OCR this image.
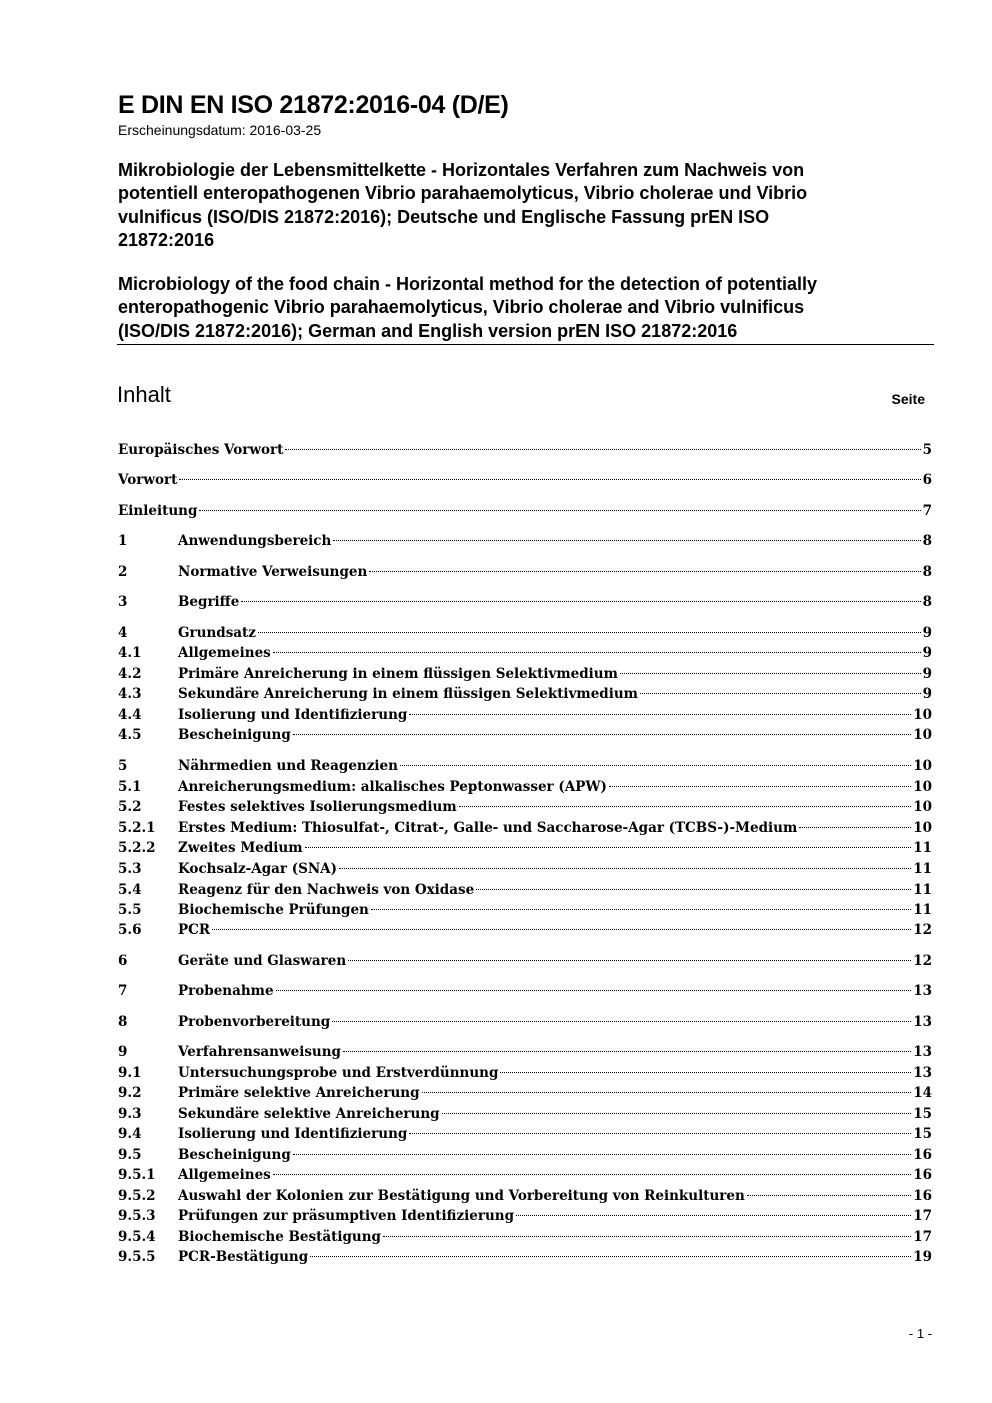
E DIN EN ISO 21872:2016-04 (D/E)
Erscheinungsdatum: 2016-03-25
Mikrobiologie der Lebensmittelkette - Horizontales Verfahren zum Nachweis von
potentiell enteropathogenen Vibrio parahaemolyticus, Vibrio cholerae und Vibrio
vulnificus (ISO/DIS 21872:2016); Deutsche und Englische Fassung prEN ISO
21872:2016
Microbiology of the food chain - Horizontal method for the detection of potentially
enteropathogenic Vibrio parahaemolyticus, Vibrio cholerae and Vibrio vulnificus
(ISO/DIS 21872:2016); German and English version prEN ISO 21872:2016
Inhalt	Seite
Europäisches Vorwort	5
Vorwort	6
Einleitung	7
1	Anwendungsbereich	8
2	Normative Verweisungen	8
3	Begriffe	8
4	Grundsatz	9
4.1	Allgemeines	9
4.2	Primäre Anreicherung in einem flüssigen Selektivmedium	9
4.3	Sekundäre Anreicherung in einem flüssigen Selektivmedium	9
4.4	Isolierung und Identifizierung	10
4.5	Bescheinigung	10
5	Nährmedien und Reagenzien	10
5.1	Anreicherungsmedium: alkalisches Peptonwasser (APW)	10
5.2	Festes selektives Isolierungsmedium	10
5.2.1	Erstes Medium: Thiosulfat-, Citrat-, Galle- und Saccharose-Agar (TCBS-)-Medium	10
5.2.2	Zweites Medium	11
5.3	Kochsalz-Agar (SNA)	11
5.4	Reagenz für den Nachweis von Oxidase	11
5.5	Biochemische Prüfungen	11
5.6	PCR	12
6	Geräte und Glaswaren	12
7	Probenahme	13
8	Probenvorbereitung	13
9	Verfahrensanweisung	13
9.1	Untersuchungsprobe und Erstverdünnung	13
9.2	Primäre selektive Anreicherung	14
9.3	Sekundäre selektive Anreicherung	15
9.4	Isolierung und Identifizierung	15
9.5	Bescheinigung	16
9.5.1	Allgemeines	16
9.5.2	Auswahl der Kolonien zur Bestätigung und Vorbereitung von Reinkulturen	16
9.5.3	Prüfungen zur präsumptiven Identifizierung	17
9.5.4	Biochemische Bestätigung	17
9.5.5	PCR-Bestätigung	19
- 1 -
